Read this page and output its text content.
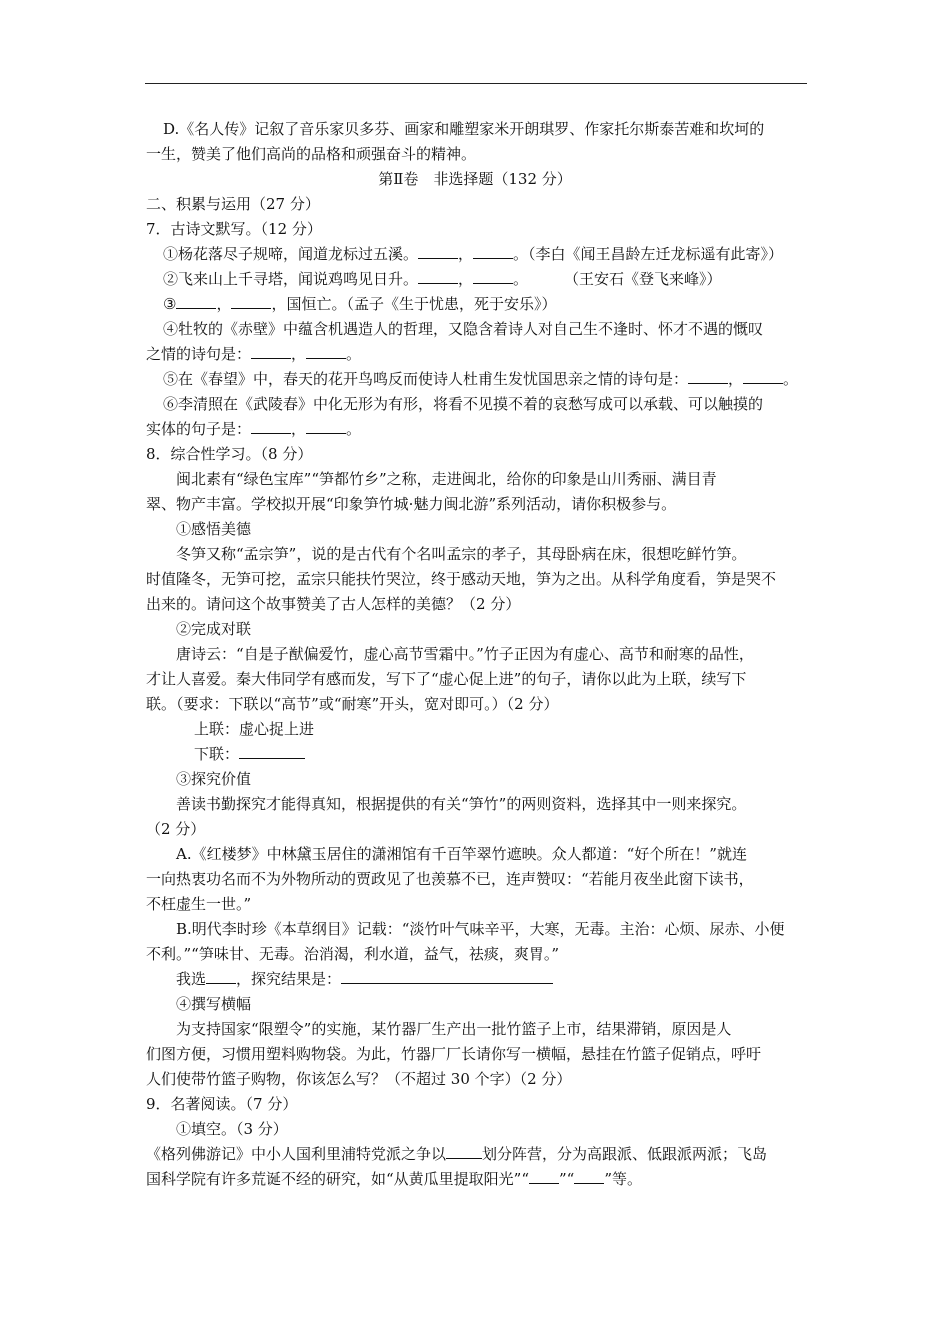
D.《名人传》记叙了音乐家贝多芬、画家和雕塑家米开朗琪罗、作家托尔斯泰苦难和坎坷的
一生，赞美了他们高尚的品格和顽强奋斗的精神。
第Ⅱ卷　非选择题（132 分）
二、积累与运用（27 分）
7．古诗文默写。（12 分）
①杨花落尽子规啼，闻道龙标过五溪。	，	。（李白《闻王昌龄左迁龙标遥有此寄》）
②飞来山上千寻塔，闻说鸡鸣见日升。	，	。 （王安石《登飞来峰》）
③	，	，国恒亡。（孟子《生于忧患，死于安乐》）
④牡牧的《赤壁》中蕴含机遇造人的哲理，又隐含着诗人对自己生不逢时、怀才不遇的慨叹
之情的诗句是：	，	。
⑤在《春望》中，春天的花开鸟鸣反而使诗人杜甫生发忧国思亲之情的诗句是：	，	。
⑥李清照在《武陵春》中化无形为有形，将看不见摸不着的哀愁写成可以承载、可以触摸的
实体的句子是：	，	。
8．综合性学习。（8 分）
闽北素有“绿色宝库”“笋都竹乡”之称，走进闽北，给你的印象是山川秀丽、满目青
翠、物产丰富。学校拟开展“印象笋竹城·魅力闽北游”系列活动，请你积极参与。
①感悟美德
冬笋又称“孟宗笋”，说的是古代有个名叫孟宗的孝子，其母卧病在床，很想吃鲜竹笋。
时值隆冬，无笋可挖，孟宗只能扶竹哭泣，终于感动天地，笋为之出。从科学角度看，笋是哭不
出来的。请问这个故事赞美了古人怎样的美德？（2 分）
②完成对联
唐诗云：“自是子猷偏爱竹，虚心高节雪霜中。”竹子正因为有虚心、高节和耐寒的品性，
才让人喜爱。秦大伟同学有感而发，写下了“虚心促上进”的句子，请你以此为上联，续写下
联。（要求：下联以“高节”或“耐寒”开头，宽对即可。）（2 分）
上联：虚心捉上进
下联：
③探究价值
善读书勤探究才能得真知，根据提供的有关“笋竹”的两则资料，选择其中一则来探究。
（2 分）
A.《红楼梦》中林黛玉居住的潇湘馆有千百竿翠竹遮映。众人都道：“好个所在！”就连
一向热衷功名而不为外物所动的贾政见了也羡慕不已，连声赞叹：“若能月夜坐此窗下读书，
不枉虚生一世。”
B.明代李时珍《本草纲目》记载：“淡竹叶气味辛平，大寒，无毒。主治：心烦、尿赤、小便
不利。”“笋味甘、无毒。治消渴，利水道，益气，祛痰，爽胃。”
我选 ，探究结果是：
④撰写横幅
为支持国家“限塑令”的实施，某竹器厂生产出一批竹篮子上市，结果滞销，原因是人
们图方便，习惯用塑料购物袋。为此，竹器厂厂长请你写一横幅，悬挂在竹篮子促销点，呼吁
人们使带竹篮子购物，你该怎么写？（不超过 30 个字）（2 分）
9．名著阅读。（7 分）
①填空。（3 分）
《格列佛游记》中小人国利里浦特党派之争以 划分阵营，分为高跟派、低跟派两派；飞岛
国科学院有许多荒诞不经的研究，如“从黄瓜里提取阳光”“ ”“ ”等。
